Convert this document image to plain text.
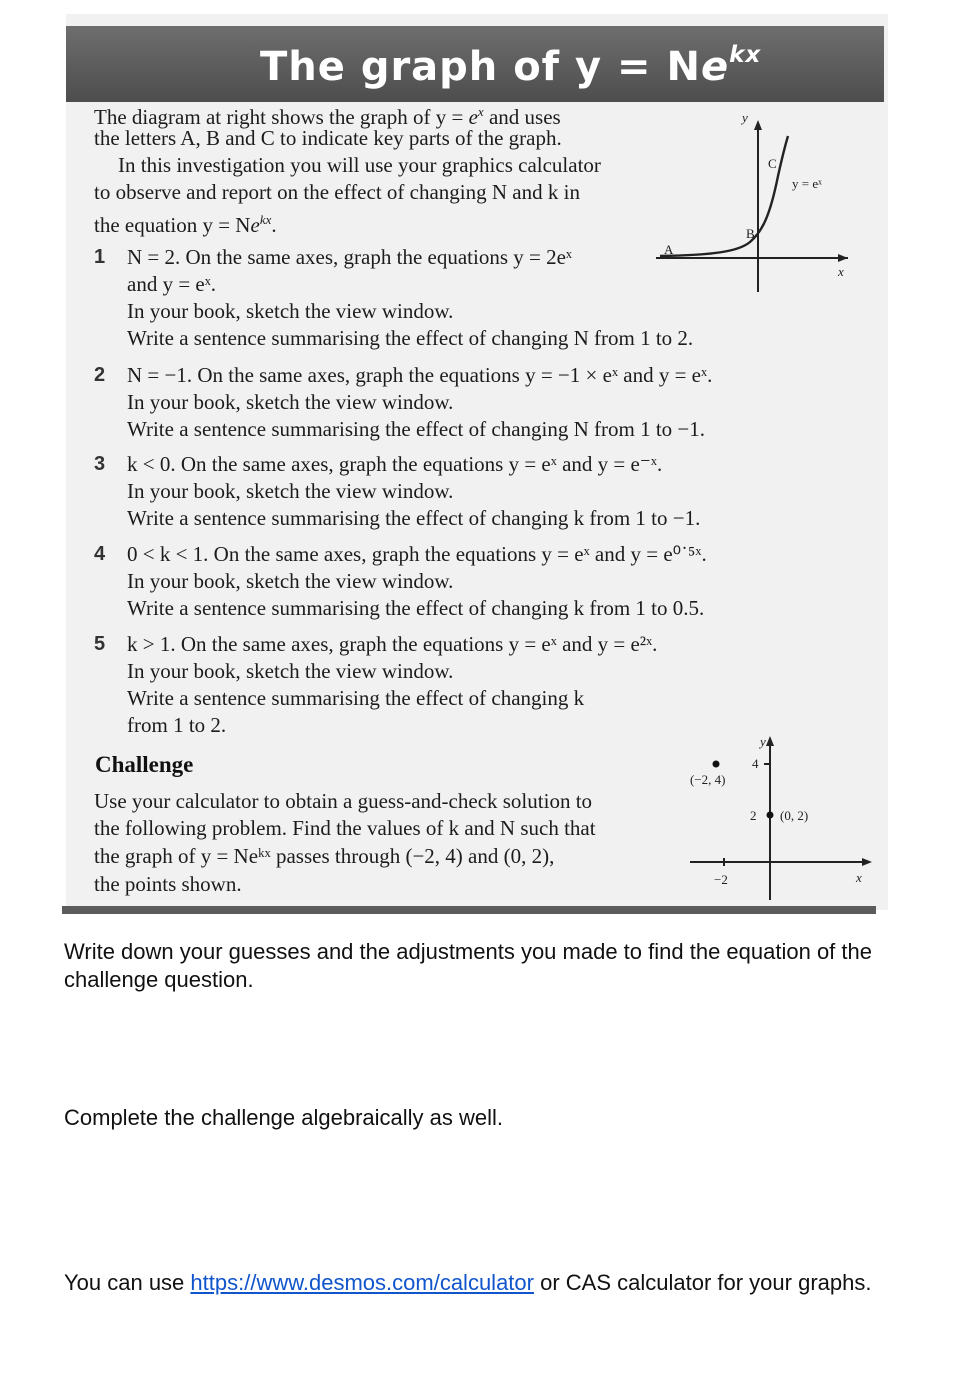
The graph of $y = Ne^{kx}$
The diagram at right shows the graph of $y = e^x$ and uses
the letters A, B and C to indicate key parts of the graph.
In this investigation you will use your graphics calculator
to observe and report on the effect of changing N and k in
the equation $y = Ne^{kx}$.
1 N = 2. On the same axes, graph the equations y = 2eˣ
and y = eˣ.
In your book, sketch the view window.
Write a sentence summarising the effect of changing N from 1 to 2.
2 N = −1. On the same axes, graph the equations y = −1 × eˣ and y = eˣ.
In your book, sketch the view window.
Write a sentence summarising the effect of changing N from 1 to −1.
3 k < 0. On the same axes, graph the equations y = eˣ and y = e⁻ˣ.
In your book, sketch the view window.
Write a sentence summarising the effect of changing k from 1 to −1.
4 0 < k < 1. On the same axes, graph the equations y = eˣ and y = e⁰˙⁵ˣ.
In your book, sketch the view window.
Write a sentence summarising the effect of changing k from 1 to 0.5.
5 k > 1. On the same axes, graph the equations y = eˣ and y = e²ˣ.
In your book, sketch the view window.
Write a sentence summarising the effect of changing k
from 1 to 2.
Challenge
Use your calculator to obtain a guess-and-check solution to
the following problem. Find the values of k and N such that
the graph of y = Neᵏˣ passes through (−2, 4) and (0, 2),
the points shown.
y
x
y = eˣ
A
B
C
y
x
4
2
−2
(−2, 4)
(0, 2)
Write down your guesses and the adjustments you made to find the equation of the challenge question.
Complete the challenge algebraically as well.
You can use https://www.desmos.com/calculator or CAS calculator for your graphs.
